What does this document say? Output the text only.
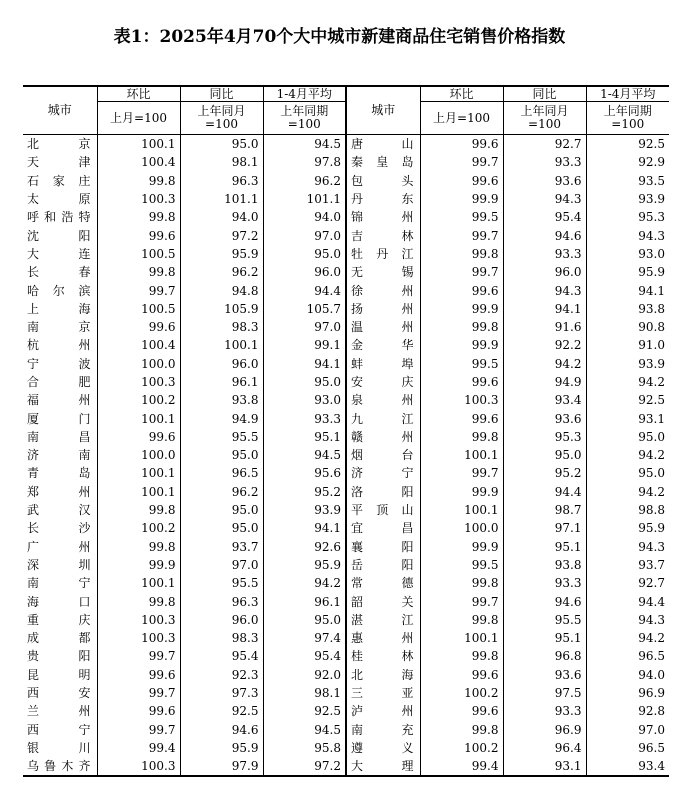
表1：2025年4月70个大中城市新建商品住宅销售价格指数
城市	环比	同比	1-4月平均	城市	环比	同比	1-4月平均
	上月=100	上年同月=100	上年同期=100		上月=100	上年同月=100	上年同期=100
北京	100.1	95.0	94.5	唐山	99.6	92.7	92.5
天津	100.4	98.1	97.8	秦皇岛	99.7	93.3	92.9
石家庄	99.8	96.3	96.2	包头	99.6	93.6	93.5
太原	100.3	101.1	101.1	丹东	99.9	94.3	93.9
呼和浩特	99.8	94.0	94.0	锦州	99.5	95.4	95.3
沈阳	99.6	97.2	97.0	吉林	99.7	94.6	94.3
大连	100.5	95.9	95.0	牡丹江	99.8	93.3	93.0
长春	99.8	96.2	96.0	无锡	99.7	96.0	95.9
哈尔滨	99.7	94.8	94.4	徐州	99.6	94.3	94.1
上海	100.5	105.9	105.7	扬州	99.9	94.1	93.8
南京	99.6	98.3	97.0	温州	99.8	91.6	90.8
杭州	100.4	100.1	99.1	金华	99.9	92.2	91.0
宁波	100.0	96.0	94.1	蚌埠	99.5	94.2	93.9
合肥	100.3	96.1	95.0	安庆	99.6	94.9	94.2
福州	100.2	93.8	93.0	泉州	100.3	93.4	92.5
厦门	100.1	94.9	93.3	九江	99.6	93.6	93.1
南昌	99.6	95.5	95.1	赣州	99.8	95.3	95.0
济南	100.0	95.0	94.5	烟台	100.1	95.0	94.2
青岛	100.1	96.5	95.6	济宁	99.7	95.2	95.0
郑州	100.1	96.2	95.2	洛阳	99.9	94.4	94.2
武汉	99.8	95.0	93.9	平顶山	100.1	98.7	98.8
长沙	100.2	95.0	94.1	宜昌	100.0	97.1	95.9
广州	99.8	93.7	92.6	襄阳	99.9	95.1	94.3
深圳	99.9	97.0	95.9	岳阳	99.5	93.8	93.7
南宁	100.1	95.5	94.2	常德	99.8	93.3	92.7
海口	99.8	96.3	96.1	韶关	99.7	94.6	94.4
重庆	100.3	96.0	95.0	湛江	99.8	95.5	94.3
成都	100.3	98.3	97.4	惠州	100.1	95.1	94.2
贵阳	99.7	95.4	95.4	桂林	99.8	96.8	96.5
昆明	99.6	92.3	92.0	北海	99.6	93.6	94.0
西安	99.7	97.3	98.1	三亚	100.2	97.5	96.9
兰州	99.6	92.5	92.5	泸州	99.6	93.3	92.8
西宁	99.7	94.6	94.5	南充	99.8	96.9	97.0
银川	99.4	95.9	95.8	遵义	100.2	96.4	96.5
乌鲁木齐	100.3	97.9	97.2	大理	99.4	93.1	93.4
